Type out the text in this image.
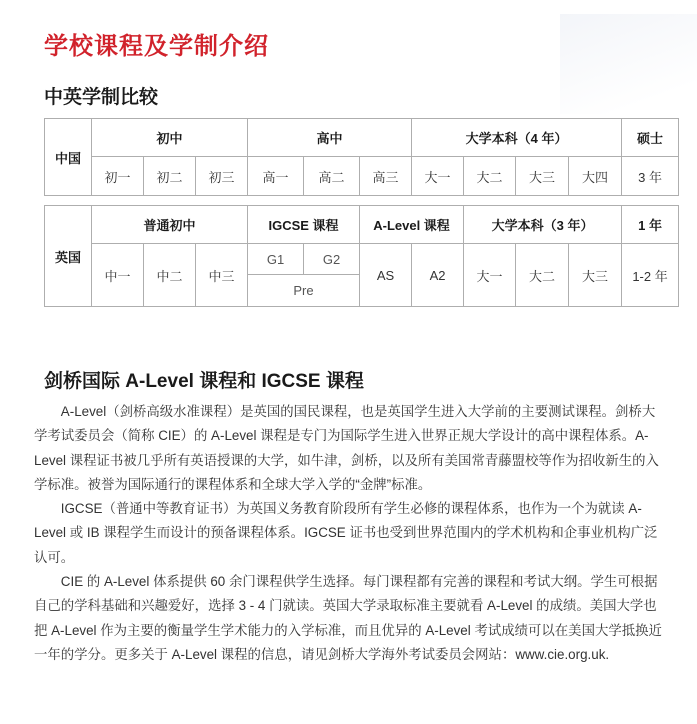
学校课程及学制介绍
中英学制比较
中国	初中			高中			大学本科（4 年）				硕士
	初一	初二	初三	高一	高二	高三	大一	大二	大三	大四	3 年
英国	普通初中			IGCSE 课程		A-Level 课程		大学本科（3 年）			1 年
	中一	中二	中三	G1	G2	AS	A2	大一	大二	大三	1-2 年
				Pre							
剑桥国际 A-Level 课程和 IGCSE 课程

A-Level（剑桥高级水准课程）是英国的国民课程，也是英国学生进入大学前的主要测试课程。剑桥大学考试委员会（简称 CIE）的 A-Level 课程是专门为国际学生进入世界正规大学设计的高中课程体系。A-Level 课程证书被几乎所有英语授课的大学，如牛津，剑桥，以及所有美国常青藤盟校等作为招收新生的入学标准。被誉为国际通行的课程体系和全球大学入学的“金牌”标准。

IGCSE（普通中等教育证书）为英国义务教育阶段所有学生必修的课程体系，也作为一个为就读 A-Level 或 IB 课程学生而设计的预备课程体系。IGCSE 证书也受到世界范围内的学术机构和企事业机构广泛认可。

CIE 的 A-Level 体系提供 60 余门课程供学生选择。每门课程都有完善的课程和考试大纲。学生可根据自己的学科基础和兴趣爱好，选择 3 - 4 门就读。英国大学录取标准主要就看 A-Level 的成绩。美国大学也把 A-Level 作为主要的衡量学生学术能力的入学标准，而且优异的 A-Level 考试成绩可以在美国大学抵换近一年的学分。更多关于 A-Level 课程的信息，请见剑桥大学海外考试委员会网站：www.cie.org.uk.
